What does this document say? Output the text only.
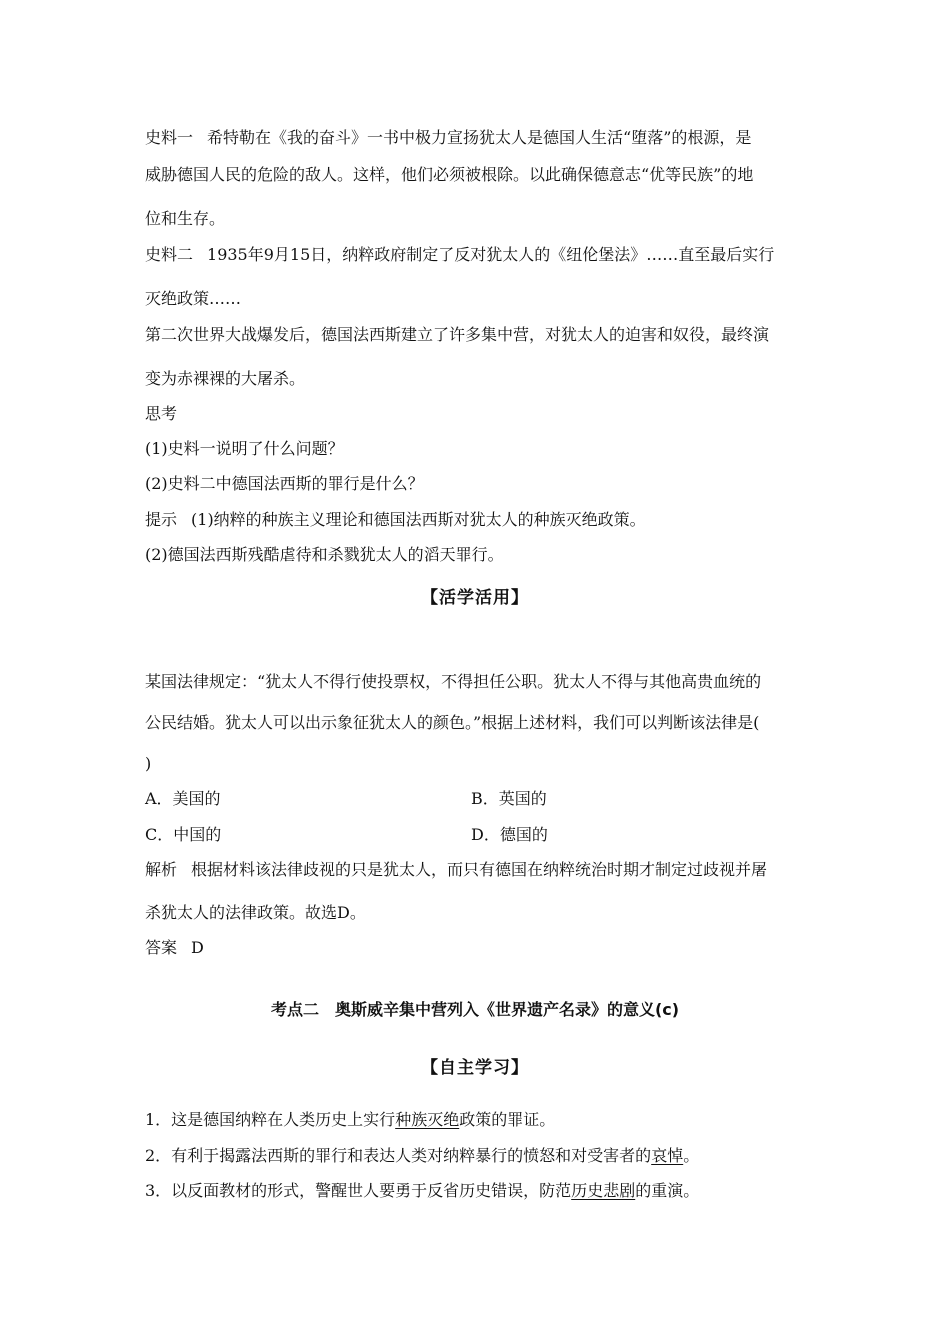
史料一 希特勒在《我的奋斗》一书中极力宣扬犹太人是德国人生活“堕落”的根源，是
威胁德国人民的危险的敌人。这样，他们必须被根除。以此确保德意志“优等民族”的地
位和生存。
史料二 1935年9月15日，纳粹政府制定了反对犹太人的《纽伦堡法》……直至最后实行
灭绝政策……
第二次世界大战爆发后，德国法西斯建立了许多集中营，对犹太人的迫害和奴役，最终演
变为赤裸裸的大屠杀。
思考
(1)史料一说明了什么问题？
(2)史料二中德国法西斯的罪行是什么？
提示 (1)纳粹的种族主义理论和德国法西斯对犹太人的种族灭绝政策。
(2)德国法西斯残酷虐待和杀戮犹太人的滔天罪行。
【活学活用】
某国法律规定：“犹太人不得行使投票权，不得担任公职。犹太人不得与其他高贵血统的
公民结婚。犹太人可以出示象征犹太人的颜色。”根据上述材料，我们可以判断该法律是(
)
A．美国的	B．英国的
C．中国的	D．德国的
解析 根据材料该法律歧视的只是犹太人，而只有德国在纳粹统治时期才制定过歧视并屠
杀犹太人的法律政策。故选D。
答案 D
考点二　奥斯威辛集中营列入《世界遗产名录》的意义(c)
【自主学习】
1．这是德国纳粹在人类历史上实行种族灭绝政策的罪证。
2．有利于揭露法西斯的罪行和表达人类对纳粹暴行的愤怒和对受害者的哀悼。
3．以反面教材的形式，警醒世人要勇于反省历史错误，防范历史悲剧的重演。
